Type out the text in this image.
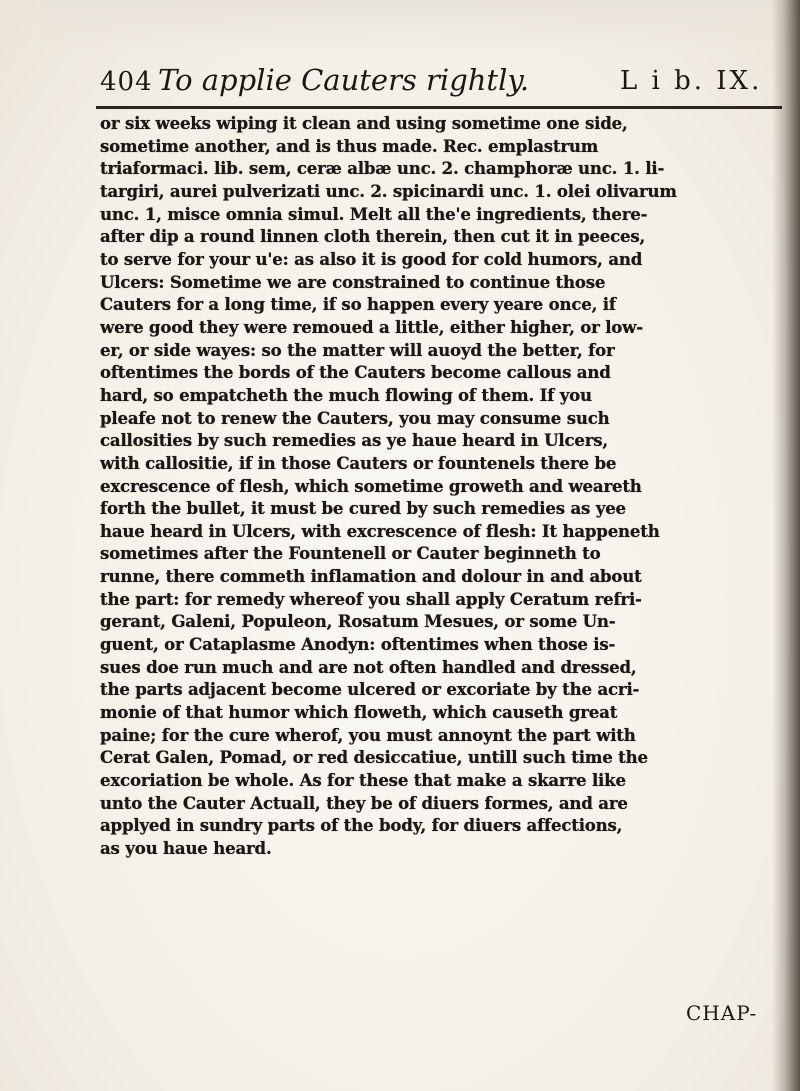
404 To applie Cauters rightly.	L i b. IX.
or six weeks wiping it clean and using sometime one side,
sometime another, and is thus made. Rec. emplastrum
triaformaci. lib. sem, ceræ albæ unc. 2. champhoræ unc. 1. li-
targiri, aurei pulverizati unc. 2. spicinardi unc. 1. olei olivarum
unc. 1, misce omnia simul. Melt all the'e ingredients, there-
after dip a round linnen cloth therein, then cut it in peeces,
to serve for your u'e: as also it is good for cold humors, and
Ulcers: Sometime we are constrained to continue those
Cauters for a long time, if so happen every yeare once, if
were good they were remoued a little, either higher, or low-
er, or side wayes: so the matter will auoyd the better, for
oftentimes the bords of the Cauters become callous and
hard, so empatcheth the much flowing of them. If you
pleafe not to renew the Cauters, you may consume such
callosities by such remedies as ye haue heard in Ulcers,
with callositie, if in those Cauters or fountenels there be
excrescence of flesh, which sometime groweth and weareth
forth the bullet, it must be cured by such remedies as yee
haue heard in Ulcers, with excrescence of flesh: It happeneth
sometimes after the Fountenell or Cauter beginneth to
runne, there commeth inflamation and dolour in and about
the part: for remedy whereof you shall apply Ceratum refri-
gerant, Galeni, Populeon, Rosatum Mesues, or some Un-
guent, or Cataplasme Anodyn: oftentimes when those is-
sues doe run much and are not often handled and dressed,
the parts adjacent become ulcered or excoriate by the acri-
monie of that humor which floweth, which causeth great
paine; for the cure wherof, you must annoynt the part with
Cerat Galen, Pomad, or red desiccatiue, untill such time the
excoriation be whole. As for these that make a skarre like
unto the Cauter Actuall, they be of diuers formes, and are
applyed in sundry parts of the body, for diuers affections,
as you haue heard.
CHAP-
